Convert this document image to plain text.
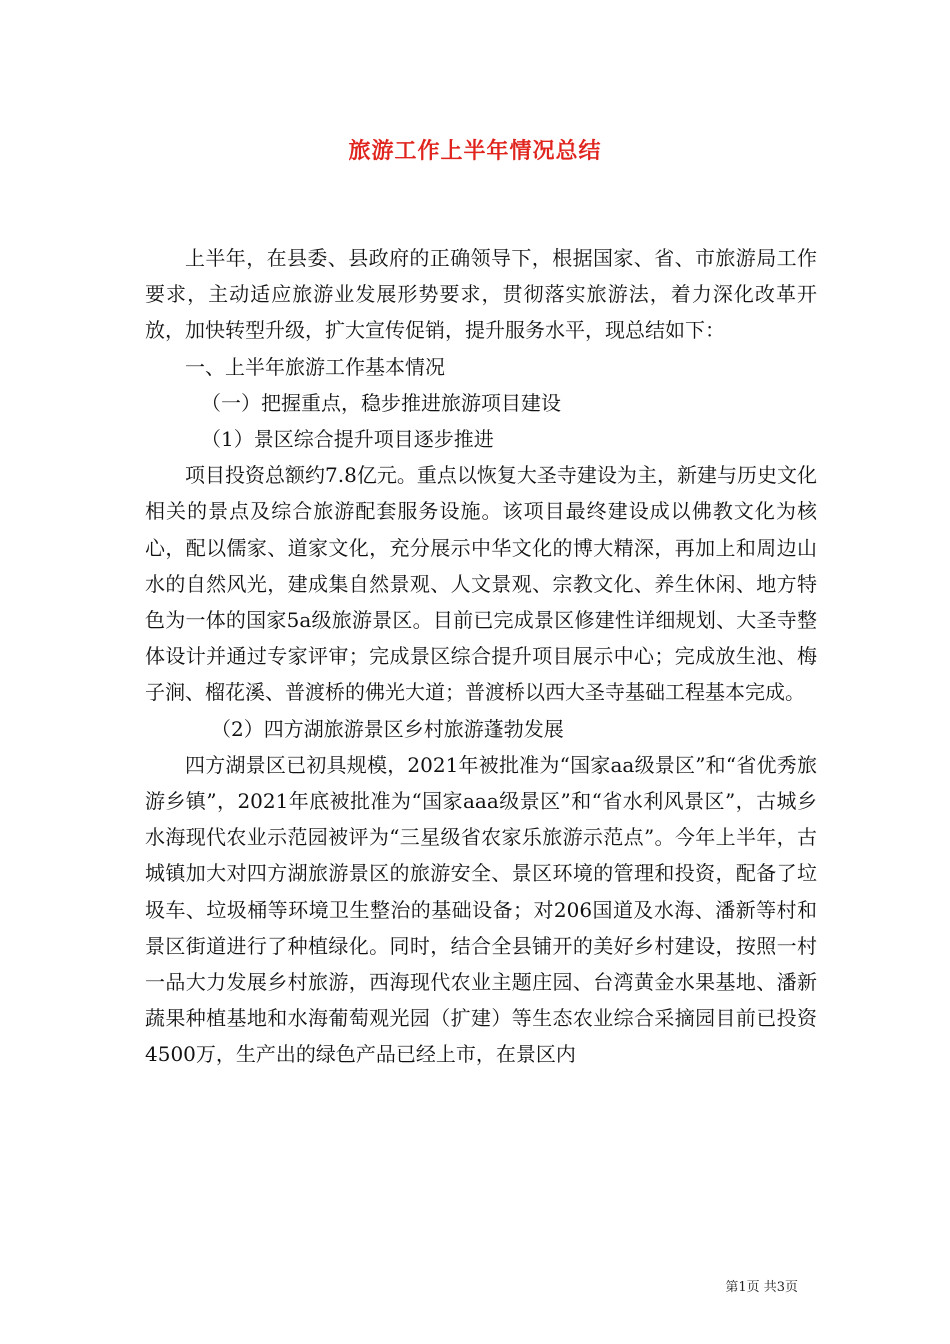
旅游工作上半年情况总结

上半年，在县委、县政府的正确领导下，根据国家、省、市旅游局工作要求，主动适应旅游业发展形势要求，贯彻落实旅游法，着力深化改革开放，加快转型升级，扩大宣传促销，提升服务水平，现总结如下：

一、上半年旅游工作基本情况

（一）把握重点，稳步推进旅游项目建设

（1）景区综合提升项目逐步推进

项目投资总额约7.8亿元。重点以恢复大圣寺建设为主，新建与历史文化相关的景点及综合旅游配套服务设施。该项目最终建设成以佛教文化为核心，配以儒家、道家文化，充分展示中华文化的博大精深，再加上和周边山水的自然风光，建成集自然景观、人文景观、宗教文化、养生休闲、地方特色为一体的国家5a级旅游景区。目前已完成景区修建性详细规划、大圣寺整体设计并通过专家评审；完成景区综合提升项目展示中心；完成放生池、梅子涧、榴花溪、普渡桥的佛光大道；普渡桥以西大圣寺基础工程基本完成。

（2）四方湖旅游景区乡村旅游蓬勃发展

四方湖景区已初具规模，2021年被批准为“国家aa级景区”和“省优秀旅游乡镇”，2021年底被批准为“国家aaa级景区”和“省水利风景区”，古城乡水海现代农业示范园被评为“三星级省农家乐旅游示范点”。今年上半年，古城镇加大对四方湖旅游景区的旅游安全、景区环境的管理和投资，配备了垃圾车、垃圾桶等环境卫生整治的基础设备；对206国道及水海、潘新等村和景区街道进行了种植绿化。同时，结合全县铺开的美好乡村建设，按照一村一品大力发展乡村旅游，西海现代农业主题庄园、台湾黄金水果基地、潘新蔬果种植基地和水海葡萄观光园（扩建）等生态农业综合采摘园目前已投资4500万，生产出的绿色产品已经上市，在景区内

第1页 共3页
